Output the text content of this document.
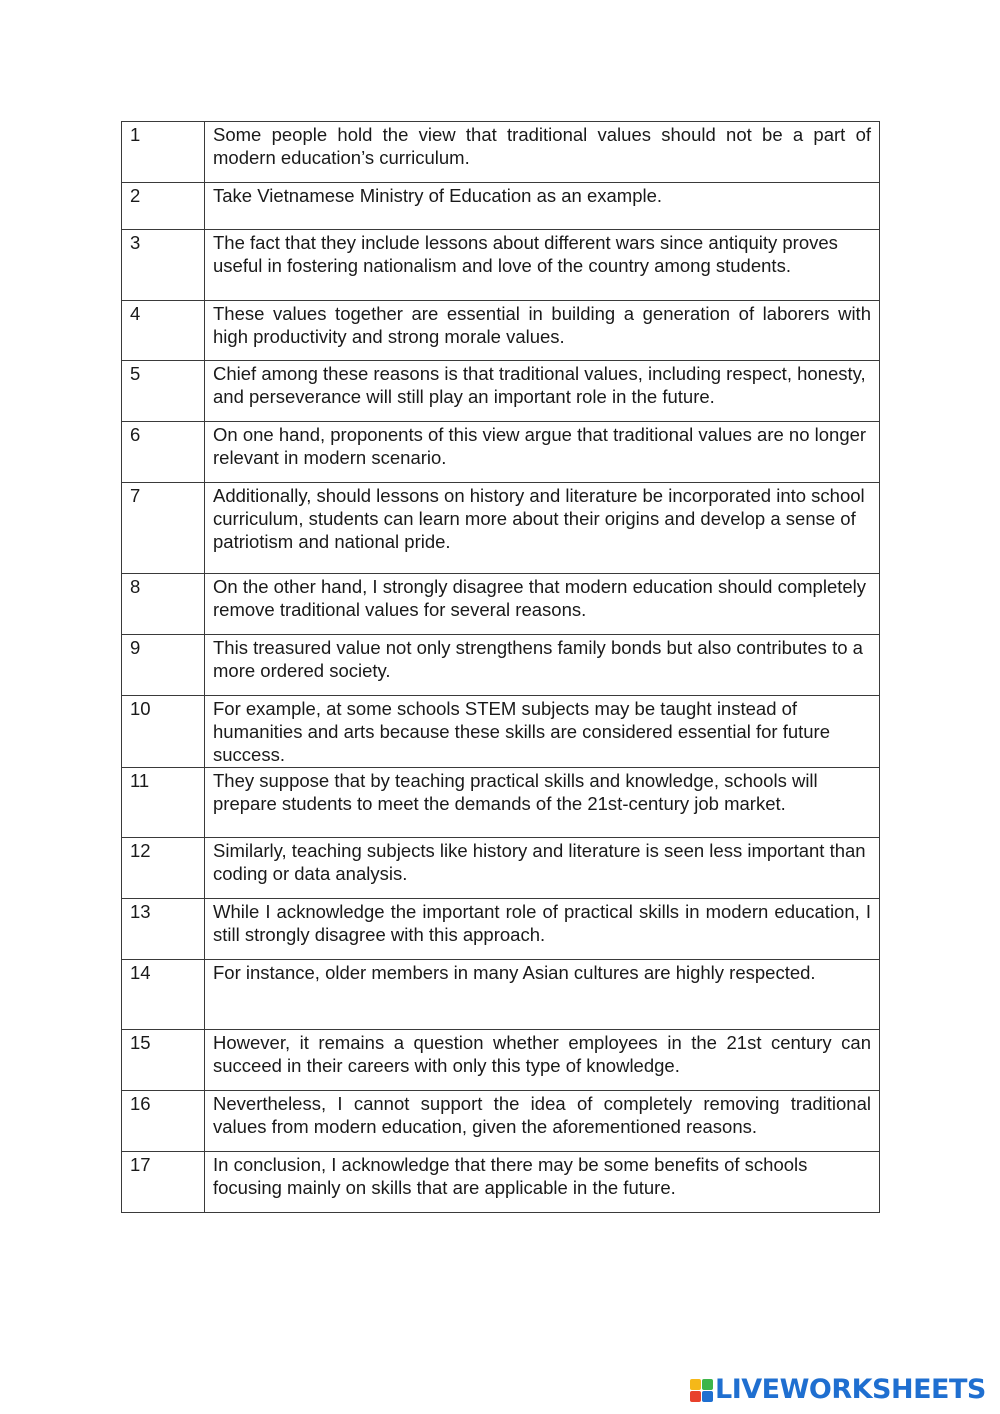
1	Some people hold the view that traditional values should not be a part of modern education’s curriculum.
2	Take Vietnamese Ministry of Education as an example.
3	The fact that they include lessons about different wars since antiquity proves useful in fostering nationalism and love of the country among students.
4	These values together are essential in building a generation of laborers with high productivity and strong morale values.
5	Chief among these reasons is that traditional values, including respect, honesty, and perseverance will still play an important role in the future.
6	On one hand, proponents of this view argue that traditional values are no longer relevant in modern scenario.
7	Additionally, should lessons on history and literature be incorporated into school curriculum, students can learn more about their origins and develop a sense of patriotism and national pride.
8	On the other hand, I strongly disagree that modern education should completely remove traditional values for several reasons.
9	This treasured value not only strengthens family bonds but also contributes to a more ordered society.
10	For example, at some schools STEM subjects may be taught instead of humanities and arts because these skills are considered essential for future success.
11	They suppose that by teaching practical skills and knowledge, schools will prepare students to meet the demands of the 21st-century job market.
12	Similarly, teaching subjects like history and literature is seen less important than coding or data analysis.
13	While I acknowledge the important role of practical skills in modern education, I still strongly disagree with this approach.
14	For instance, older members in many Asian cultures are highly respected.
15	However, it remains a question whether employees in the 21st century can succeed in their careers with only this type of knowledge.
16	Nevertheless, I cannot support the idea of completely removing traditional values from modern education, given the aforementioned reasons.
17	In conclusion, I acknowledge that there may be some benefits of schools focusing mainly on skills that are applicable in the future.
LIVEWORKSHEETS
